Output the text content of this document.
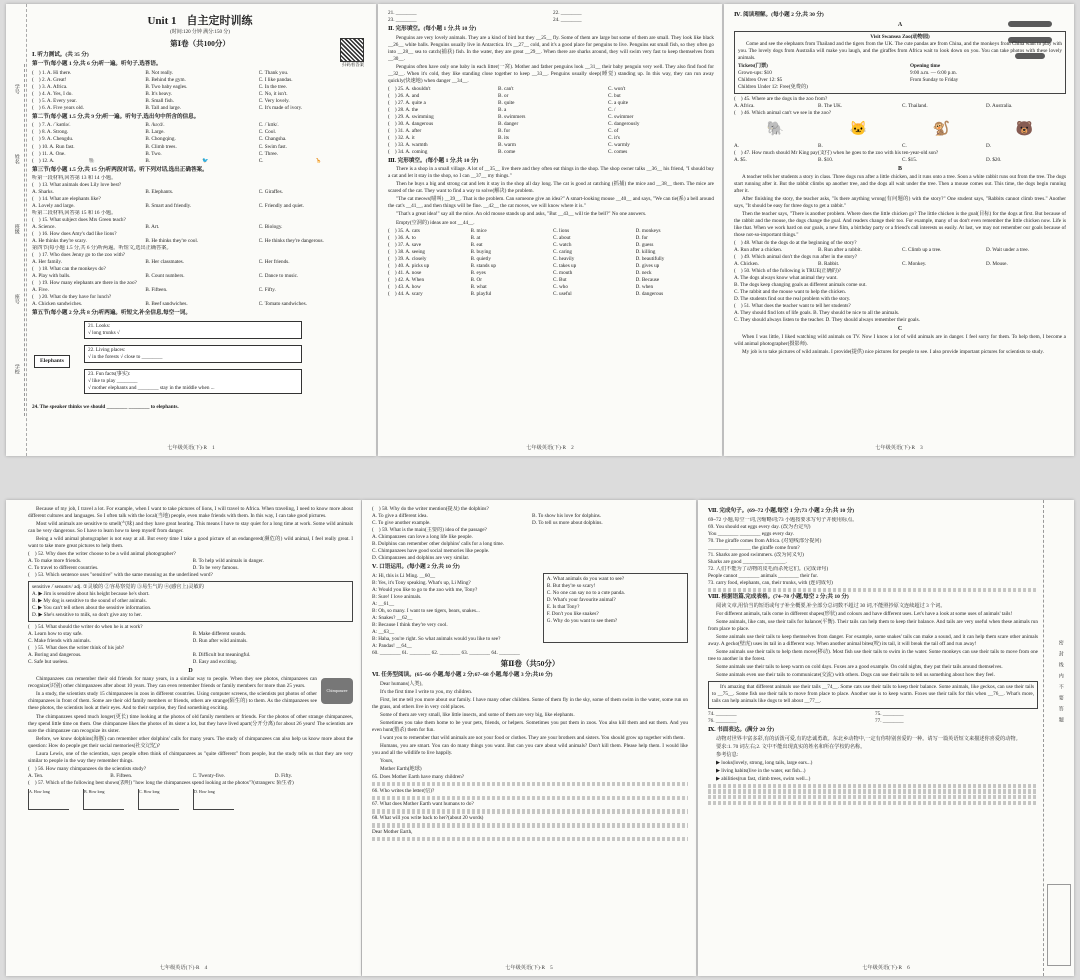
学号
姓名
班级
座号
学校
扫码看答案
Unit 1 自主定时训练
(时间:120 分钟 满分:150 分)
第Ⅰ卷（共100分）
Ⅰ. 听力测试。(共 35 分)
第一节(每小题 1 分,共 6 分)听一遍。听句子,选答语。
(　) 1. A. Hi there.	B. Not really.	C. Thank you.
(　) 2. A. Great!	B. Behind the gym.	C. I like pandas.
(　) 3. A. Africa.	B. Two baby eagles.	C. In the tree.
(　) 4. A. Yes, I do.	B. It's heavy.	C. No, it isn't.
(　) 5. A. Every year.	B. Small fish.	C. Very lovely.
(　) 6. A. Five years old.	B. Tall and large.	C. It's made of ivory.
第二节(每小题 1.5 分,共 9 分)听一遍。听句子,选出句中所含的信息。
(　) 7. A. /ˈkəʊlə/.	B. /kəːd/.	C. /ˈkʊk/.
(　) 8. A. Strong.	B. Large.	C. Cool.
(　) 9. A. Chengdu.	B. Chongqing.	C. Changsha.
(　) 10. A. Run fast.	B. Climb trees.	C. Swim fast.
(　) 11. A. One.	B. Two.	C. Three.
(　) 12. A.	🐘	B.	🐦	C.	🦒
第三节(每小题 1.5 分,共 15 分)听两段对话。听下列对话,选出正确答案。
听第一段材料,回答第 13 和 14 小题。
(　) 13. What animals does Lily love best?
A. Sharks.	B. Elephants.	C. Giraffes.
(　) 14. What are elephants like?
A. Lovely and large.	B. Smart and friendly.	C. Friendly and quiet.
听第二段材料,回答第 15 和 16 小题。
(　) 15. What subject does Mrs Green teach?
A. Science.	B. Art.	C. Biology.
(　) 16. How does Amy's dad like lions?
A. He thinks they're scary.	B. He thinks they're cool.	C. He thinks they're dangerous.
第四节(每小题 1.5 分,共 6 分)听两遍。听短文,选出正确答案。
(　) 17. Who does Jenny go to the zoo with?
A. Her family.	B. Her classmates.	C. Her friends.
(　) 18. What can the monkeys do?
A. Play with balls.	B. Count numbers.	C. Dance to music.
(　) 19. How many elephants are there in the zoo?
A. Five.	B. Fifteen.	C. Fifty.
(　) 20. What do they have for lunch?
A. Chicken sandwiches.	B. Beef sandwiches.	C. Tomato sandwiches.
第五节(每小题 2 分,共 8 分)听两遍。听短文,补全信息,每空一词。
Elephants
21. Looks:
√ long trunks √
22. Living places:
√ in the forests √ close to ________
23. Fun facts(事实):
√ like to play ________
√ mother elephants and ________ stay in the middle when ...
24. The speaker thinks we should ________ ________ to elephants.
七年级英语(下)·R　1
21. ________	22. ________
23. ________	24. ________
Ⅱ. 完形填空。(每小题 1 分,共 10 分)
Penguins are very lovely animals. They are a kind of bird but they __25__ fly. Some of them are large but some of them are small. They look like black __26__ white balls. Penguins usually live in Antarctica. It's __27__ cold, and it's a good place for penguins to live. Penguins eat small fish, so they often go into __28__ sea to catch(捕获) fish. In the water, they are great __29__. When there are sharks around, they will swim very fast to keep themselves from __30__.
Penguins often have only one baby in each litter(一窝). Mother and father penguins look __31__ their baby penguin very well. They also find food for __32__. When it's cold, they like standing close together to keep __33__. Penguins usually sleep(睡觉) standing up. In this way, they can run away quickly(快速地) when danger __34__.
(　) 25. A. shouldn't	B. can't	C. won't
(　) 26. A. and	B. or	C. but
(　) 27. A. quite a	B. quite	C. a quite
(　) 28. A. the	B. a	C. /
(　) 29. A. swimming	B. swimmers	C. swimmer
(　) 30. A. dangerous	B. danger	C. dangerously
(　) 31. A. after	B. for	C. of
(　) 32. A. it	B. its	C. it's
(　) 33. A. warmth	B. warm	C. warmly
(　) 34. A. coming	B. come	C. comes
Ⅲ. 完形填空。(每小题 1 分,共 10 分)
There is a shop in a small village. A lot of __35__ live there and they often eat things in the shop. The shop owner talks __36__ his friend, "I should buy a cat and let it stay in the shop, so I can __37__ my things."
Then he buys a big and strong cat and lets it stay in the shop all day long. The cat is good at catching (抓捕) the mice and __38__ them. The mice are scared of the cat. They want to find a way to solve(解决) the problem.
"The cat meows(喵叫) __39__. That is the problem. Can someone give an idea?" A smart-looking mouse __40__ and says, "We can tie(系) a bell around the cat's __41__, and then things will be fine. __42__ the cat moves, we will know where it is."
"That's a great idea!" say all the mice. An old mouse stands up and asks, "But __43__ will tie the bell?" No one answers.
Empty(空洞的) ideas are not __44__.
(　) 35. A. cats	B. mice	C. lions	D. monkeys
(　) 36. A. to	B. at	C. about	D. for
(　) 37. A. save	B. eat	C. watch	D. guess
(　) 38. A. seeing	B. buying	C. caring	D. killing
(　) 39. A. closely	B. quietly	C. heavily	D. beautifully
(　) 40. A. picks up	B. stands up	C. takes up	D. gives up
(　) 41. A. nose	B. eyes	C. mouth	D. neck
(　) 42. A. When	B. Or	C. But	D. Because
(　) 43. A. how	B. what	C. who	D. when
(　) 44. A. scary	B. playful	C. useful	D. dangerous
七年级英语(下)·R　2
Ⅳ. 阅读理解。(每小题 2 分,共 30 分)
A
Visit Swansea Zoo(动物园)
Come and see the elephants from Thailand and the tigers from the UK. The cute pandas are from China, and the monkeys from China want to play with you. The lovely dogs from Australia will make you laugh, and the giraffes from Africa wait to look down on you. You can take photos with these lovely animals.
Tickets(门票)
Grown-ups: $10
Children Over 12: $5
Children Under 12: Free(免费的)
Opening time
9:00 a.m. — 6:00 p.m.
From Sunday to Friday
(　) 45. Where are the dogs in the zoo from?
A. Africa.	B. The UK.	C. Thailand.	D. Australia.
(　) 46. Which animal can't we see in the zoo?
🐘	🐱	🐒	🐻
A.	B.	C.	D.
(　) 47. How much should Mr King pay(支付) when he goes to the zoo with his ten-year-old son?
A. $5.	B. $10.	C. $15.	D. $20.
B
A teacher tells her students a story in class. Three dogs run after a little chicken, and it runs onto a tree. Soon a white rabbit runs out from the tree. The dogs start running after it. But the rabbit climbs up another tree, and the dogs all wait under the tree. Then a mouse comes out. This time, the dogs begin running after it.
After finishing the story, the teacher asks, "Is there anything wrong(有问题的) with the story?" One student says, "Rabbits cannot climb trees." Another says, "It should be easy for three dogs to get a rabbit."
Then the teacher says, "There is another problem. Where does the little chicken go? The little chicken is the goal(目标) for the dogs at first. But because of the rabbit and the mouse, the dogs change the goal. And readers change their too. For example, many of us don't even remember the little chicken now. Life is like that. When we work hard on our goals, a new film, a birthday party or a friend's call interests us easily. At last, we may not remember our goals because of those not-so-important things."
(　) 48. What do the dogs do at the beginning of the story?
A. Run after a chicken.	B. Run after a rabbit.	C. Climb up a tree.	D. Wait under a tree.
(　) 49. Which animal don't the dogs run after in the story?
A. Chicken.	B. Rabbit.	C. Monkey.	D. Mouse.
(　) 50. Which of the following is TRUE(正确的)?
A. The dogs always know what animal they want.
B. The dogs keep changing goals as different animals come out.
C. The rabbit and the mouse want to help the chicken.
D. The students find out the real problem with the story.
(　) 51. What does the teacher want to tell her students?
A. They should find lots of life goals. B. They should be nice to all the animals.
C. They should always listen to the teacher. D. They should always remember their goals.
C
When I was little, I liked watching wild animals on TV. Now I know a lot of wild animals are in danger. I feel sorry for them. To help them, I become a wild animal photographer(摄影师).
My job is to take pictures of wild animals. I provide(提供) nice pictures for people to see. I also provide important pictures for scientists to study.
七年级英语(下)·R　3
Because of my job, I travel a lot. For example, when I want to take pictures of lions, I will travel to Africa. When traveling, I need to know more about different cultures and languages. So I often talk with the local(当地) people, even make friends with them. In this way, I can take good pictures.
Most wild animals are sensitive to smell(气味) and they have great hearing. This means I have to stay quiet for a long time at work. Some wild animals can be very dangerous. So I have to learn how to keep myself from danger.
Being a wild animal photographer is not easy at all. But every time I take a good picture of an endangered(濒危的) wild animal, I feel really great. I want to take more great pictures to help them.
(　) 52. Why does the writer choose to be a wild animal photographer?
A. To make more friends.	B. To help wild animals in danger.
C. To travel to different countries.	D. To be very famous.
(　) 53. Which sentence uses "sensitive" with the same meaning as the underlined word?
sensitive /ˈsensətɪv/ adj. ①灵敏的 ②容易察觉的 ③易生气的 ④(感官上)灵敏的
A. ▶ Jim is sensitive about his height because he's short.
B. ▶ My dog is sensitive to the sound of other animals.
C. ▶ You can't tell others about the sensitive information.
D. ▶ She's sensitive to milk, so don't give any to her.
(　) 54. What should the writer do when he is at work?
A. Learn how to stay safe.	B. Make different sounds.
C. Make friends with animals.	D. Run after wild animals.
(　) 55. What does the writer think of his job?
A. Boring and dangerous.	B. Difficult but meaningful.
C. Safe but useless.	D. Easy and exciting.
D
Chimpanzee
Chimpanzees can remember their old friends for many years, in a similar way to people. When they see photos, chimpanzees can recognize(识别) other chimpanzees after about 10 years. They can even remember friends or family members for more than 25 years.
In a study, the scientists study 15 chimpanzees in zoos in different countries. Using computer screens, the scientists put photos of other chimpanzees in front of them. Some are their old family members or friends, others are strange(陌生的) to them. As the chimpanzees see these photos, the scientists look at their eyes. And to their surprise, they find something exciting.
The chimpanzees spend much longer(更长) time looking at the photos of old family members or friends. For the photos of other strange chimpanzees, they spend little time on them. One chimpanzee likes the photos of its sister a lot, but they have lived apart(分开分离) for about 26 years! The scientists are sure the chimpanzee can recognize its sister.
Before, we know dolphins(海豚) can remember other dolphins' calls for many years. The study of chimpanzees can also help us know more about the question: How do people get their social memories(社交记忆)?
Laura Lewis, one of the scientists, says people often think of chimpanzees as "quite different" from people, but the study tells us that they are very similar to people in the way they remember things.
(　) 56. How many chimpanzees do the scientists study?
A. Ten.	B. Fifteen.	C. Twenty-five.	D. Fifty.
(　) 57. Which of the following best shows(表明) "how long the chimpanzees spend looking at the photos"?(strangers: 陌生者)
A. How long	B. How long	C. How long	D. How long
七年级英语(下)·R　4
(　) 58. Why do the writer mention(提及) the dolphins?
A. To give a different idea.	B. To show his love for dolphins.
C. To give another example.	D. To tell us more about dolphins.
(　) 59. What is the main(主要的) idea of the passage?
A. Chimpanzees can love a long life like people.
B. Dolphins can remember other dolphins' calls for a long time.
C. Chimpanzees have good social memories like people.
D. Chimpanzees and dolphins are very similar.
Ⅴ. 口语运用。(每小题 2 分,共 10 分)
A: Hi, this is Li Ming. __60__
B: Yes, it's Tony speaking. What's up, Li Ming?
A: Would you like to go to the zoo with me, Tony?
B: Sure! I love animals.
A: __61__
B: Oh, so many. I want to see tigers, bears, snakes...
A: Snakes? __62__
B: Because I think they're very cool.
A: __63__
B: Haha, you're right. So what animals would you like to see?
A: Pandas! __64__
A. What animals do you want to see?
B. But they're so scary!
C. No one can say no to a cute panda.
D. What's your favourite animal?
E. Is that Tony?
F. Don't you like snakes?
G. Why do you want to see them?
60. ________ 61. ________ 62. ________ 63. ________ 64. ________
第Ⅱ卷（共50分）
Ⅵ. 任务型阅读。(65~66 小题,每小题 2 分;67~68 小题,每小题 3 分;共10 分)
Dear humans(人类),
It's the first time I write to you, my children.
First, let me tell you more about our family. I have many other children. Some of them fly in the sky, some of them swim in the water, some run on the grass, and others live in very cold places.
Some of them are very small, like little insects, and some of them are very big, like elephants.
Sometimes you take them home to be your pets, friends, or helpers. Sometimes you put them in zoos. You also kill them and eat them. And you even hunt(猎杀) them for fun.
I want you to remember that wild animals are not your food or clothes. They are your brothers and sisters. You should grow up together with them.
Humans, you are smart. You can do many things you want. But can you care about wild animals? Don't kill them. Please help them. I would like you and all the wildlife to live happily.
Yours,
Mother Earth(地球)
65. Does Mother Earth have many children?
66. Who writes the letter(信)?
67. What does Mother Earth want humans to do?
68. What will you write back to her?(about 20 words)
Dear Mother Earth,
七年级英语(下)·R　5
密封线内不要答题
Ⅶ. 完成句子。(69~72 小题,每空 1 分;73 小题 2 分;共 10 分)
69~72 小题,每空一词,含缩略词;73 小题按要求写句子并使用标点。
69. You should eat eggs every day. (改为否定句)
You ________ ________ eggs every day.
70. The giraffe comes from Africa. (对划线部分提问)
________ ________ the giraffe come from?
71. Sharks are good swimmers. (改为同义句)
Sharks are good ________ ________.
72. 人们不能为了动物的皮毛而杀死它们。(完成译句)
People cannot ________ animals ________ their fur.
73. carry food, elephants, can, their trunks, with (连词成句)
Ⅷ. 根据语篇,完成表格。(74~78 小题,每空 2 分;共 10 分)
阅读文章,用恰当的短语或句子补全概要,补全部分总词数不超过 30 词,不能照抄原文连续超过 3 个词。
For different animals, tails come in different shapes(形状) and colours and have different uses. Let's have a look at some uses of animals' tails!
Some animals, like cats, use their tails for balance(平衡). Their tails can help them to keep their balance. And tails are very useful when these animals run from place to place.
Some animals use their tails to keep themselves from danger. For example, some snakes' tails can make a sound, and it can help them scare other animals away. A gecko(壁虎) uses its tail in a different way. When another animal bites(咬) its tail, it will break the tail off and run away!
Some animals use their tails to help them move(移动). Most fish use their tails to swim in the water. Some monkeys can use their tails to move from one tree to another in the forest.
Some animals use their tails to keep warm on cold days. Foxes are a good example. On cold nights, they put their tails around themselves.
Some animals even use their tails to communicate(交流) with others. Dogs can use their tails to tell us something about how they feel.
It's amazing that different animals use their tails __74__. Some cats use their tails to keep their balance. Some animals, like geckos, can use their tails to __75__. Some fish use their tails to move from place to place. Another use is to keep warm. Foxes use their tails for this when __76__. What's more, tails can help animals like dogs to tell about __77__.
74. ________	75. ________
76. ________	77. ________
Ⅸ. 书面表达。(满分 20 分)
动物对世界丰富多彩,有的活泼可爱,有的忠诚勇敢。东北乡动物中,一定有你特别喜爱的一种。请写一篇英语短文来描述你喜爱的动物。
要求:1. 70 词左右;2. 文中不能出现真实的姓名和所在学校的名称。
参考信息:
▶ looks(lovely, strong, long tails, large ears...)
▶ living habits(live in the water, eat fish...)
▶ abilities(run fast, climb trees, swim well...)
七年级英语(下)·R　6
